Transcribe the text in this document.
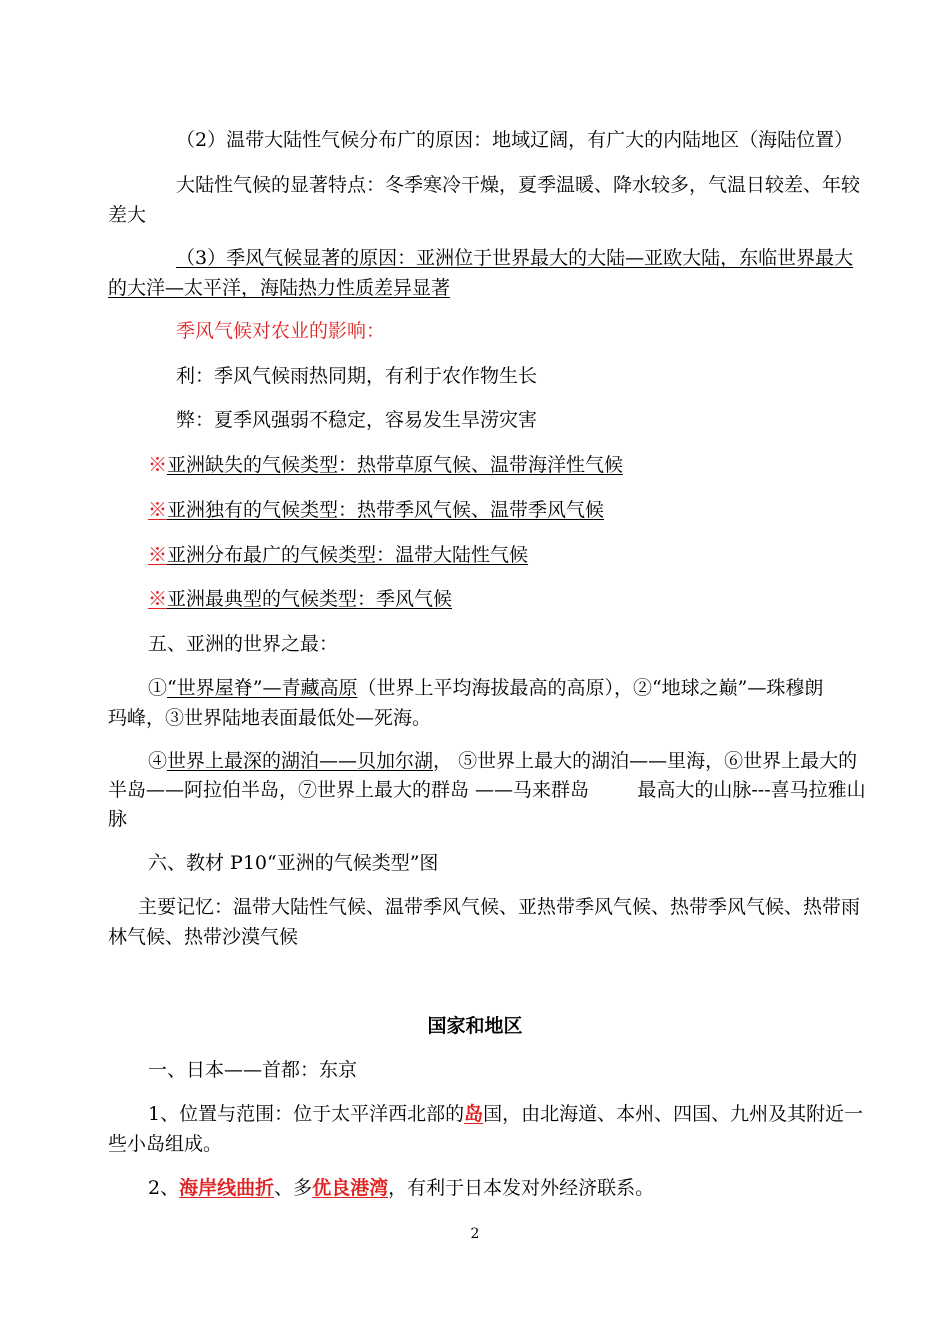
（2）温带大陆性气候分布广的原因：地域辽阔，有广大的内陆地区（海陆位置）
大陆性气候的显著特点：冬季寒冷干燥，夏季温暖、降水较多，气温日较差、年较
差大
（3）季风气候显著的原因：亚洲位于世界最大的大陆—亚欧大陆，东临世界最大
的大洋—太平洋，海陆热力性质差异显著
季风气候对农业的影响：
利：季风气候雨热同期，有利于农作物生长
弊：夏季风强弱不稳定，容易发生旱涝灾害
※亚洲缺失的气候类型：热带草原气候、温带海洋性气候
※亚洲独有的气候类型：热带季风气候、温带季风气候
※亚洲分布最广的气候类型：温带大陆性气候
※亚洲最典型的气候类型：季风气候
五、亚洲的世界之最：
①“世界屋脊”—青藏高原（世界上平均海拔最高的高原），②“地球之巅”—珠穆朗
玛峰，③世界陆地表面最低处—死海。
④世界上最深的湖泊——贝加尔湖， ⑤世界上最大的湖泊——里海，⑥世界上最大的
半岛——阿拉伯半岛，⑦世界上最大的群岛 ——马来群岛        最高大的山脉---喜马拉雅山
脉
六、教材 P10“亚洲的气候类型”图
主要记忆：温带大陆性气候、温带季风气候、亚热带季风气候、热带季风气候、热带雨
林气候、热带沙漠气候
国家和地区
一、日本——首都：东京
1、位置与范围：位于太平洋西北部的岛国，由北海道、本州、四国、九州及其附近一
些小岛组成。
2、海岸线曲折、多优良港湾，有利于日本发对外经济联系。
2
